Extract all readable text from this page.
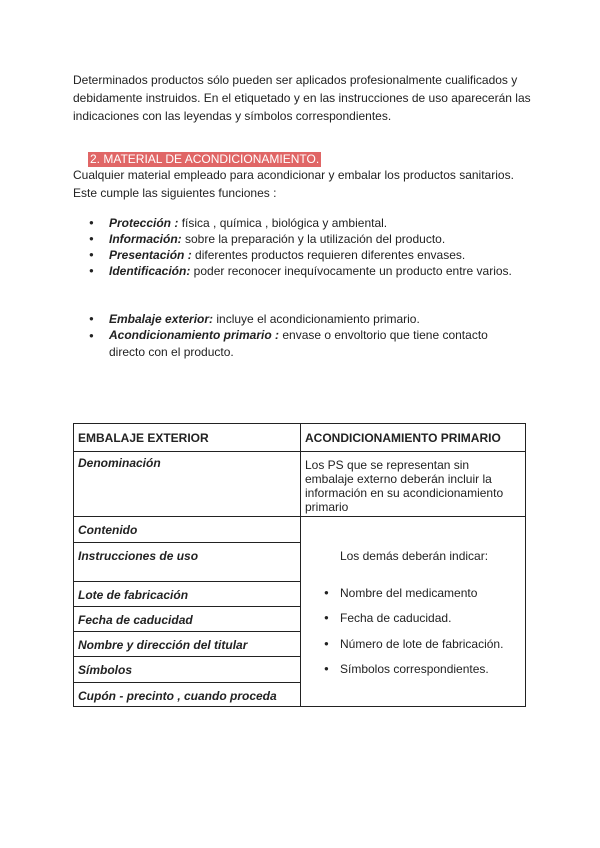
Determinados productos sólo pueden ser aplicados profesionalmente cualificados y debidamente instruidos. En el etiquetado y en las instrucciones de uso aparecerán las indicaciones con las leyendas y símbolos correspondientes.
2. MATERIAL DE ACONDICIONAMIENTO.
Cualquier material empleado para acondicionar y embalar los productos sanitarios. Este cumple las siguientes funciones :
● Protección : física , química , biológica y ambiental.
● Información: sobre la preparación y la utilización del producto.
● Presentación : diferentes productos requieren diferentes envases.
● Identificación: poder reconocer inequívocamente un producto entre varios.
● Embalaje exterior: incluye el acondicionamiento primario.
● Acondicionamiento primario : envase o envoltorio que tiene contacto directo con el producto.
EMBALAJE EXTERIOR	ACONDICIONAMIENTO PRIMARIO
Denominación	Los PS que se representan sin embalaje externo deberán incluir la información en su acondicionamiento primario
Contenido
Instrucciones de uso
Lote de fabricación
Fecha de caducidad
Nombre y dirección del titular
Símbolos
Cupón - precinto , cuando proceda
Los demás deberán indicar:
● Nombre del medicamento
● Fecha de caducidad.
● Número de lote de fabricación.
● Símbolos correspondientes.
